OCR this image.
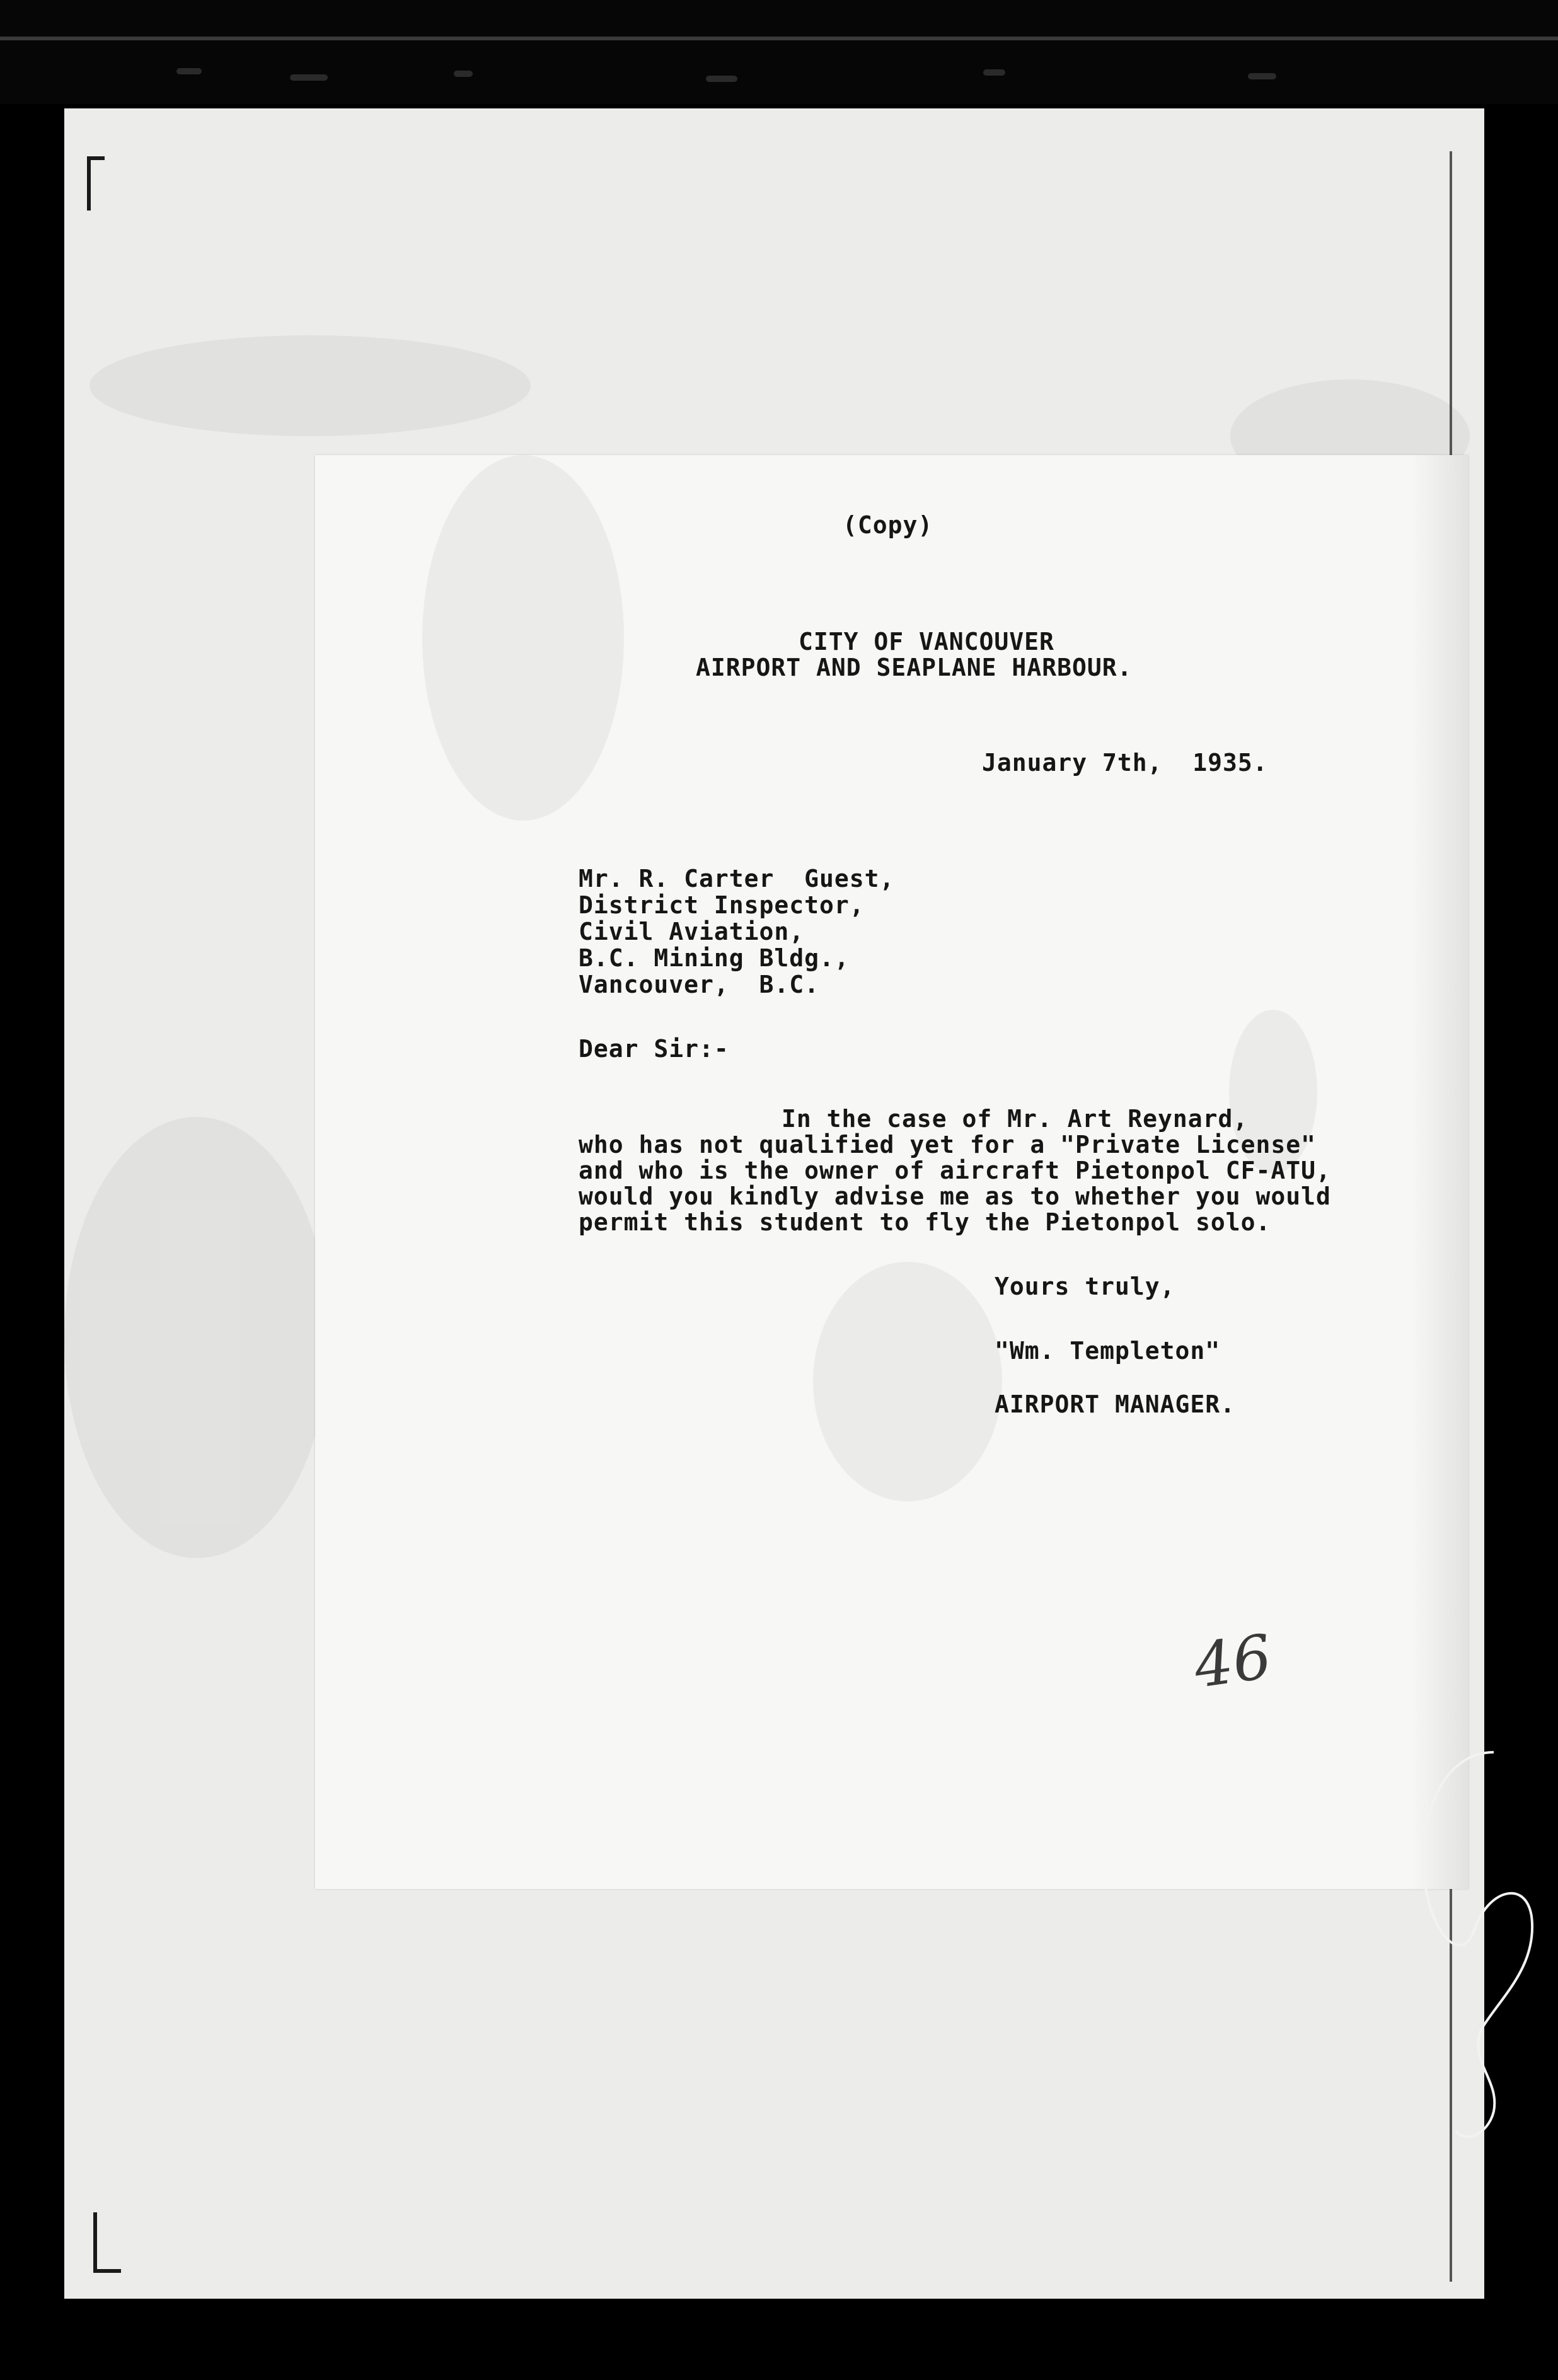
(Copy)
CITY OF VANCOUVER
AIRPORT AND SEAPLANE HARBOUR.
January 7th,  1935.
Mr. R. Carter  Guest,
District Inspector,
Civil Aviation,
B.C. Mining Bldg.,
Vancouver,  B.C.
Dear Sir:-
In the case of Mr. Art Reynard,
who has not qualified yet for a "Private License"
and who is the owner of aircraft Pietonpol CF-ATU,
would you kindly advise me as to whether you would
permit this student to fly the Pietonpol solo.
Yours truly,
"Wm. Templeton"
AIRPORT MANAGER.
46
